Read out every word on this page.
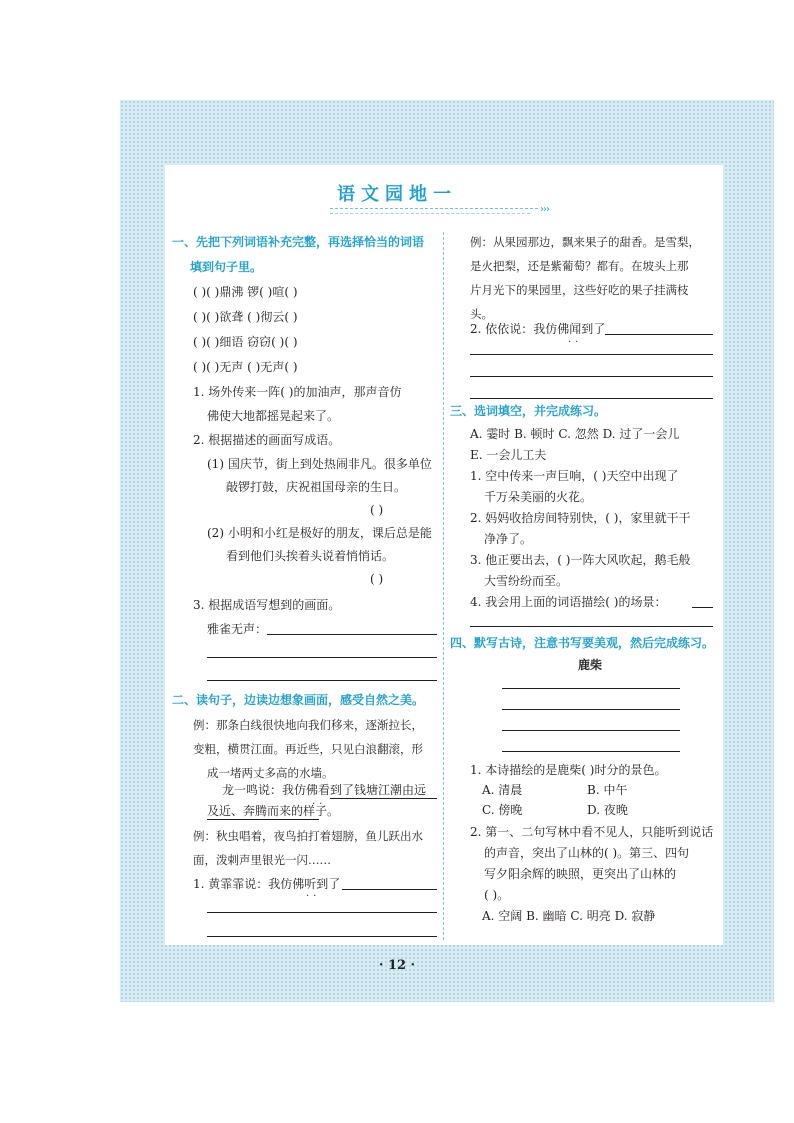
语文园地一
›››
一、先把下列词语补充完整，再选择恰当的词语
填到句子里。
( )( )鼎沸 锣( )喧( )
( )( )欲聋 ( )彻云( )
( )( )细语 窃窃( )( )
( )( )无声 ( )无声( )
1. 场外传来一阵( )的加油声，那声音仿
佛使大地都摇晃起来了。
2. 根据描述的画面写成语。
(1) 国庆节，街上到处热闹非凡。很多单位
敲锣打鼓，庆祝祖国母亲的生日。
( )
(2) 小明和小红是极好的朋友，课后总是能
看到他们头挨着头说着悄悄话。
( )
3. 根据成语写想到的画面。
雅雀无声：
二、读句子，边读边想象画面，感受自然之美。
例：那条白线很快地向我们移来，逐渐拉长，
变粗，横贯江面。再近些，只见白浪翻滚，形
成一堵两丈多高的水墙。
龙一鸣说：我仿佛看到了钱塘江潮由远
..
及近、奔腾而来的样子。
例：秋虫唱着，夜鸟拍打着翅膀，鱼儿跃出水
面，泼剌声里银光一闪……
1. 黄霏霏说：我仿佛听到了
..
例：从果园那边，飘来果子的甜香。是雪梨，
是火把梨，还是紫葡萄？都有。在坡头上那
片月光下的果园里，这些好吃的果子挂满枝
头。
2. 依依说：我仿佛闻到了
..
三、选词填空，并完成练习。
A. 霎时 B. 顿时 C. 忽然 D. 过了一会儿
E. 一会儿工夫
1. 空中传来一声巨响，( )天空中出现了
千万朵美丽的火花。
2. 妈妈收拾房间特别快，( )，家里就干干
净净了。
3. 他正要出去，( )一阵大风吹起，鹅毛般
大雪纷纷而至。
4. 我会用上面的词语描绘( )的场景：
四、默写古诗，注意书写要美观，然后完成练习。
鹿柴
1. 本诗描绘的是鹿柴( )时分的景色。
A. 清晨	B. 中午
C. 傍晚	D. 夜晚
2. 第一、二句写林中看不见人，只能听到说话
的声音，突出了山林的( )。第三、四句
写夕阳余辉的映照，更突出了山林的
( )。
A. 空阔 B. 幽暗 C. 明亮 D. 寂静
· 12 ·
